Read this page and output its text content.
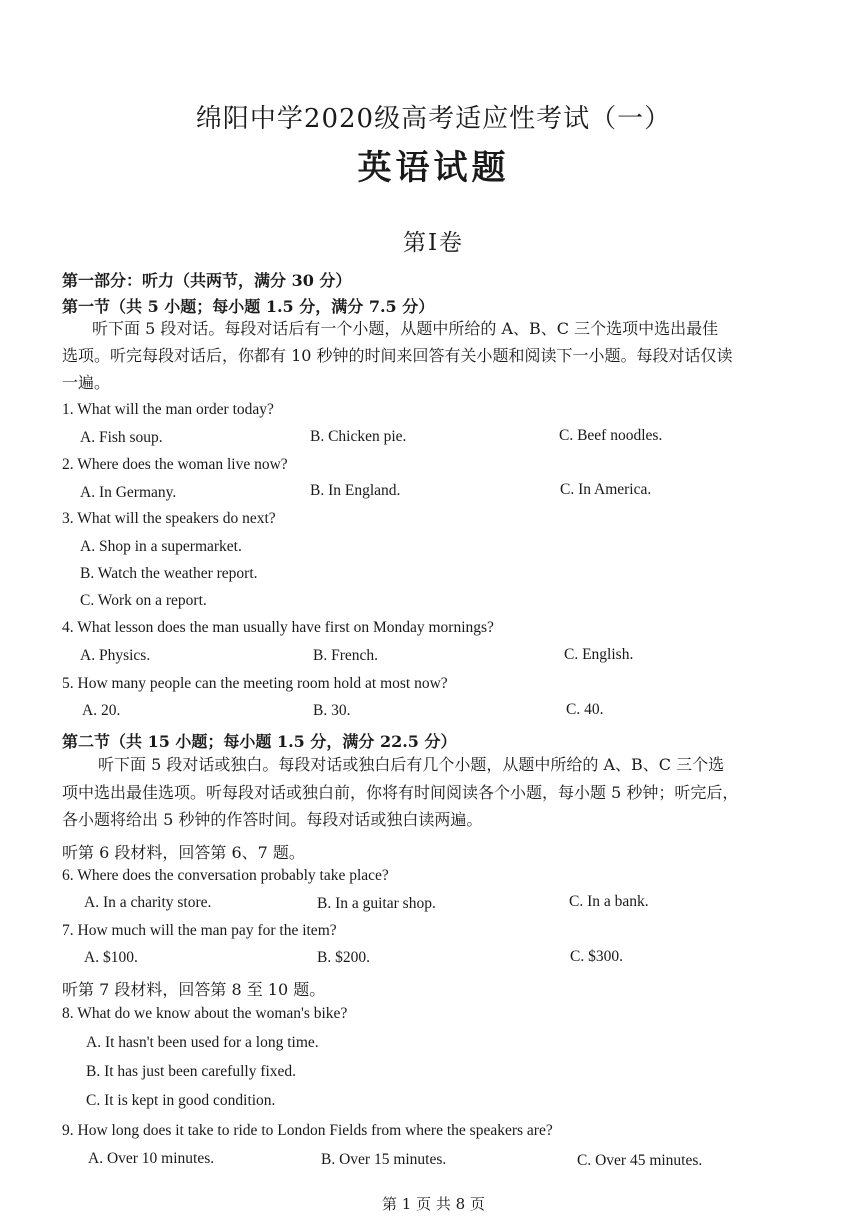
绵阳中学2020级高考适应性考试（一）
英语试题
第Ⅰ卷
第一部分：听力（共两节，满分 30 分）
第一节（共 5 小题；每小题 1.5 分，满分 7.5 分）
听下面 5 段对话。每段对话后有一个小题，从题中所给的 A、B、C 三个选项中选出最佳
选项。听完每段对话后，你都有 10 秒钟的时间来回答有关小题和阅读下一小题。每段对话仅读
一遍。
1. What will the man order today?
A. Fish soup.	B. Chicken pie.	C. Beef noodles.
2. Where does the woman live now?
A. In Germany.	B. In England.	C. In America.
3. What will the speakers do next?
A. Shop in a supermarket.
B. Watch the weather report.
C. Work on a report.
4. What lesson does the man usually have first on Monday mornings?
A. Physics.	B. French.	C. English.
5. How many people can the meeting room hold at most now?
A. 20.	B. 30.	C. 40.
第二节（共 15 小题；每小题 1.5 分，满分 22.5 分）
听下面 5 段对话或独白。每段对话或独白后有几个小题，从题中所给的 A、B、C 三个选
项中选出最佳选项。听每段对话或独白前，你将有时间阅读各个小题，每小题 5 秒钟；听完后，
各小题将给出 5 秒钟的作答时间。每段对话或独白读两遍。
听第 6 段材料，回答第 6、7 题。
6. Where does the conversation probably take place?
A. In a charity store.	B. In a guitar shop.	C. In a bank.
7. How much will the man pay for the item?
A. $100.	B. $200.	C. $300.
听第 7 段材料，回答第 8 至 10 题。
8. What do we know about the woman's bike?
A. It hasn't been used for a long time.
B. It has just been carefully fixed.
C. It is kept in good condition.
9. How long does it take to ride to London Fields from where the speakers are?
A. Over 10 minutes.	B. Over 15 minutes.	C. Over 45 minutes.
第 1 页 共 8 页
